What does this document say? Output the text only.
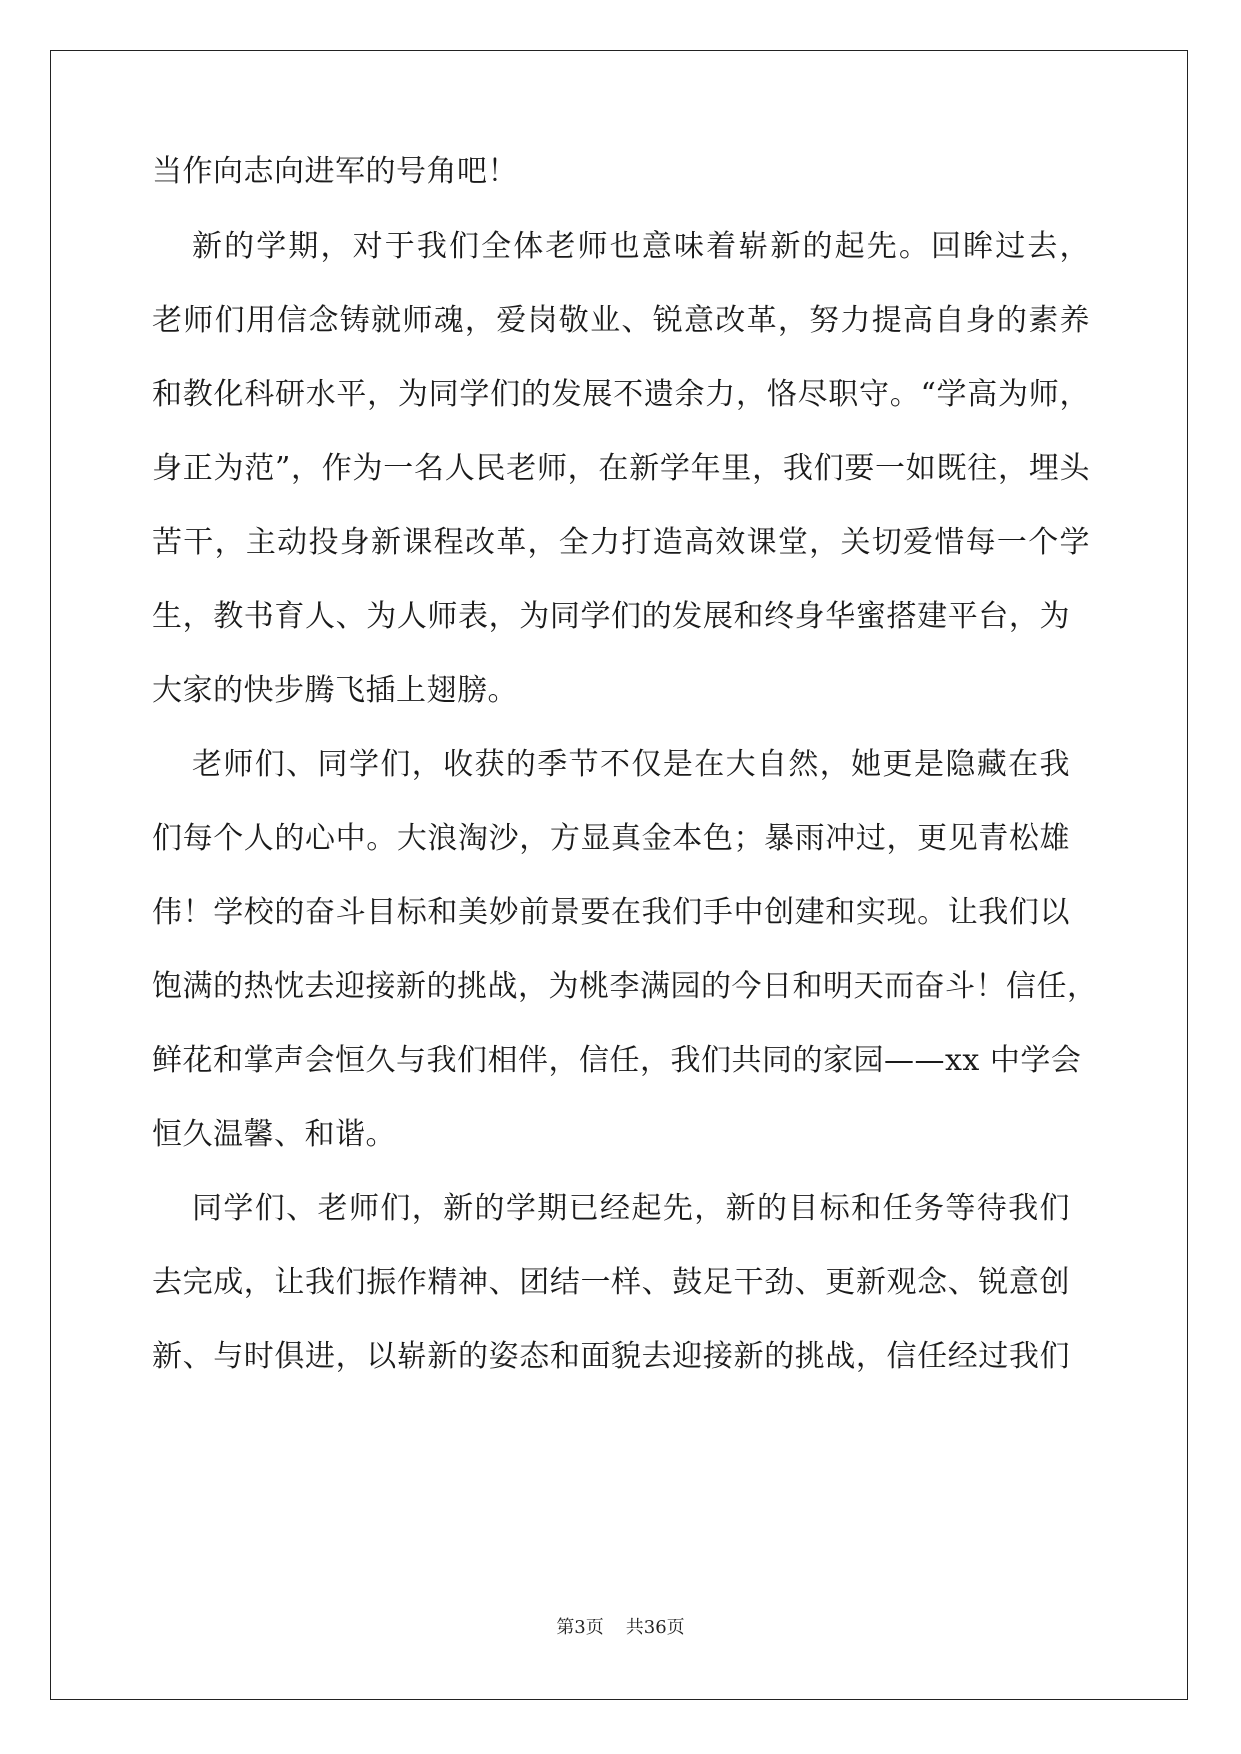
当作向志向进军的号角吧！
新的学期，对于我们全体老师也意味着崭新的起先。回眸过去，
老师们用信念铸就师魂，爱岗敬业、锐意改革，努力提高自身的素养
和教化科研水平，为同学们的发展不遗余力，恪尽职守。“学高为师，
身正为范”，作为一名人民老师，在新学年里，我们要一如既往，埋头
苦干，主动投身新课程改革，全力打造高效课堂，关切爱惜每一个学
生，教书育人、为人师表，为同学们的发展和终身华蜜搭建平台，为
大家的快步腾飞插上翅膀。
老师们、同学们，收获的季节不仅是在大自然，她更是隐藏在我
们每个人的心中。大浪淘沙，方显真金本色；暴雨冲过，更见青松雄
伟！学校的奋斗目标和美妙前景要在我们手中创建和实现。让我们以
饱满的热忱去迎接新的挑战，为桃李满园的今日和明天而奋斗！信任，
鲜花和掌声会恒久与我们相伴，信任，我们共同的家园——xx 中学会
恒久温馨、和谐。
同学们、老师们，新的学期已经起先，新的目标和任务等待我们
去完成，让我们振作精神、团结一样、鼓足干劲、更新观念、锐意创
新、与时俱进，以崭新的姿态和面貌去迎接新的挑战，信任经过我们
第3页 共36页
